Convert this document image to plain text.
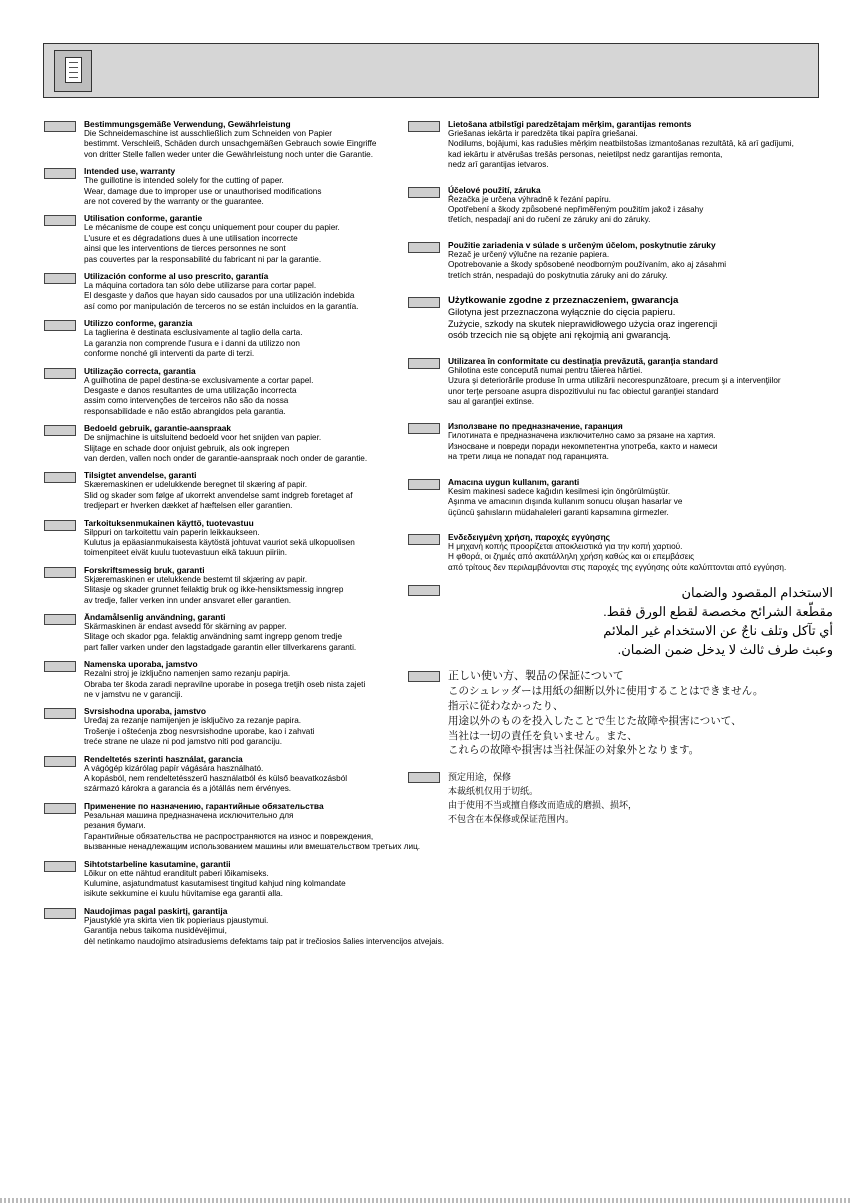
Bestimmungsgemäße Verwendung, Gewährleistung
Die Schneidemaschine ist ausschließlich zum Schneiden von Papier
bestimmt. Verschleiß, Schäden durch unsachgemäßen Gebrauch sowie Eingriffe
von dritter Stelle fallen weder unter die Gewährleistung noch unter die Garantie.
Intended use, warranty
The guillotine is intended solely for the cutting of paper.
Wear, damage due to improper use or unauthorised modifications
are not covered by the warranty or the guarantee.
Utilisation conforme, garantie
Le mécanisme de coupe est conçu uniquement pour couper du papier.
L'usure et es dégradations dues à une utilisation incorrecte
ainsi que les interventions de tierces personnes ne sont
pas couvertes par la responsabilité du fabricant ni par la garantie.
Utilización conforme al uso prescrito, garantía
La máquina cortadora tan sólo debe utilizarse para cortar papel.
El desgaste y daños que hayan sido causados por una utilización indebida
así como por manipulación de terceros no se están incluidos en la garantía.
Utilizzo conforme, garanzia
La taglierina è destinata esclusivamente al taglio della carta.
La garanzia non comprende l'usura e i danni da utilizzo non
conforme nonché gli interventi da parte di terzi.
Utilização correcta, garantia
A guilhotina de papel destina-se exclusivamente a cortar papel.
Desgaste e danos resultantes de uma utilização incorrecta
assim como intervenções de terceiros não são da nossa
responsabilidade e não estão abrangidos pela garantia.
Bedoeld gebruik, garantie-aanspraak
De snijmachine is uitsluitend bedoeld voor het snijden van papier.
Slijtage en schade door onjuist gebruik, als ook ingrepen
van derden, vallen noch onder de garantie-aanspraak noch onder de garantie.
Tilsigtet anvendelse, garanti
Skæremaskinen er udelukkende beregnet til skæring af papir.
Slid og skader som følge af ukorrekt anvendelse samt indgreb foretaget af
tredjepart er hverken dækket af hæftelsen eller garantien.
Tarkoituksenmukainen käyttö, tuotevastuu
Silppuri on tarkoitettu vain paperin leikkaukseen.
Kulutus ja epäasianmukaisesta käytöstä johtuvat vauriot sekä ulkopuolisen
toimenpiteet eivät kuulu tuotevastuun eikä takuun piiriin.
Forskriftsmessig bruk, garanti
Skjæremaskinen er utelukkende bestemt til skjæring av papir.
Slitasje og skader grunnet feilaktig bruk og ikke-hensiktsmessig inngrep
av tredje, faller verken inn under ansvaret eller garantien.
Ändamålsenlig användning, garanti
Skärmaskinen är endast avsedd för skärning av papper.
Slitage och skador pga. felaktig användning samt ingrepp genom tredje
part faller varken under den lagstadgade garantin eller tillverkarens garanti.
Namenska uporaba, jamstvo
Rezalni stroj je izključno namenjen samo rezanju papirja.
Obraba ter škoda zaradi nepravilne uporabe in posega tretjih oseb nista zajeti
ne v jamstvu ne v garanciji.
Svrsishodna uporaba, jamstvo
Uređaj za rezanje namijenjen je isključivo za rezanje papira.
Trošenje i oštećenja zbog nesvrsishodne uporabe, kao i zahvati
treće strane ne ulaze ni pod jamstvo niti pod garanciju.
Rendeltetés szerinti használat, garancia
A vágógép kizárólag papír vágására használható.
A kopásból, nem rendeltetésszerű használatból és külső beavatkozásból
származó károkra a garancia és a jótállás nem érvényes.
Применение по назначению, гарантийные обязательства
Резальная машина предназначена исключительно для
резания бумаги.
Гарантийные обязательства не распространяются на износ и повреждения,
вызванные ненадлежащим использованием машины или вмешательством третьих лиц.
Sihtotstarbeline kasutamine, garantii
Lõikur on ette nähtud eranditult paberi lõikamiseks.
Kulumine, asjatundmatust kasutamisest tingitud kahjud ning kolmandate
isikute sekkumine ei kuulu hüvitamise ega garantii alla.
Naudojimas pagal paskirtį, garantija
Pjaustyklė yra skirta vien tik popieriaus pjaustymui.
Garantija nebus taikoma nusidėvėjimui,
dėl netinkamo naudojimo atsiradusiems defektams taip pat ir trečiosios šalies intervencijos atvejais.
Lietošana atbilstīgi paredzētajam mērķim, garantijas remonts
Griešanas iekārta ir paredzēta tikai papīra griešanai.
Nodilums, bojājumi, kas radušies mērķim neatbilstošas izmantošanas rezultātā, kā arī gadījumi,
kad iekārtu ir atvērušas trešās personas, neietilpst nedz garantijas remonta,
nedz arī garantijas ietvaros.
Účelové použití, záruka
Řezačka je určena výhradně k řezání papíru.
Opotřebení a škody způsobené nepřiměřeným použitím jakož i zásahy
třetích, nespadají ani do ručení ze záruky ani do záruky.
Použitie zariadenia v súlade s určeným účelom, poskytnutie záruky
Rezač je určený výlučne na rezanie papiera.
Opotrebovanie a škody spôsobené neodborným používaním, ako aj zásahmi
tretích strán, nespadajú do poskytnutia záruky ani do záruky.
Użytkowanie zgodne z przeznaczeniem, gwarancja
Gilotyna jest przeznaczona wyłącznie do cięcia papieru.
Zużycie, szkody na skutek nieprawidłowego użycia oraz ingerencji
osób trzecich nie są objęte ani rękojmią ani gwarancją.
Utilizarea în conformitate cu destinaţia prevăzută, garanţia standard
Ghilotina este concepută numai pentru tăierea hârtiei.
Uzura şi deteriorările produse în urma utilizării necorespunzătoare, precum şi a intervenţiilor
unor terţe persoane asupra dispozitivului nu fac obiectul garanţiei standard
sau al garanţiei extinse.
Използване по предназначение, гаранция
Гилотината е предназначена изключително само за рязане на хартия.
Износване и повреди поради некомпетентна употреба, както и намеси
на трети лица не попадат под гаранцията.
Amacına uygun kullanım, garanti
Kesim makinesi sadece kağıdın kesilmesi için öngörülmüştür.
Aşınma ve amacının dışında kullanım sonucu oluşan hasarlar ve
üçüncü şahısların müdahaleleri garanti kapsamına girmezler.
Ενδεδειγμένη χρήση, παροχές εγγύησης
Η μηχανή κοπής προορίζεται αποκλειστικά για την κοπή χαρτιού.
Η φθορά, οι ζημιές από ακατάλληλη χρήση καθώς και οι επεμβάσεις
από τρίτους δεν περιλαμβάνονται στις παροχές της εγγύησης ούτε καλύπτονται από εγγύηση.
الاستخدام المقصود والضمان
مقطّعة الشرائح مخصصة لقطع الورق فقط.
أي تآكل وتلف ناجٌ عن الاستخدام غير الملائم
وعبث طرف ثالث لا يدخل ضمن الضمان.
正しい使い方、製品の保証について
このシュレッダーは用紙の細断以外に使用することはできません。
指示に従わなかったり、
用途以外のものを投入したことで生じた故障や損害について、
当社は一切の責任を負いません。また、
これらの故障や損害は当社保証の対象外となります。
预定用途，保修
本裁纸机仅用于切纸。
由于使用不当或擅自修改而造成的磨损、损坏，
不包含在本保修或保证范围内。
